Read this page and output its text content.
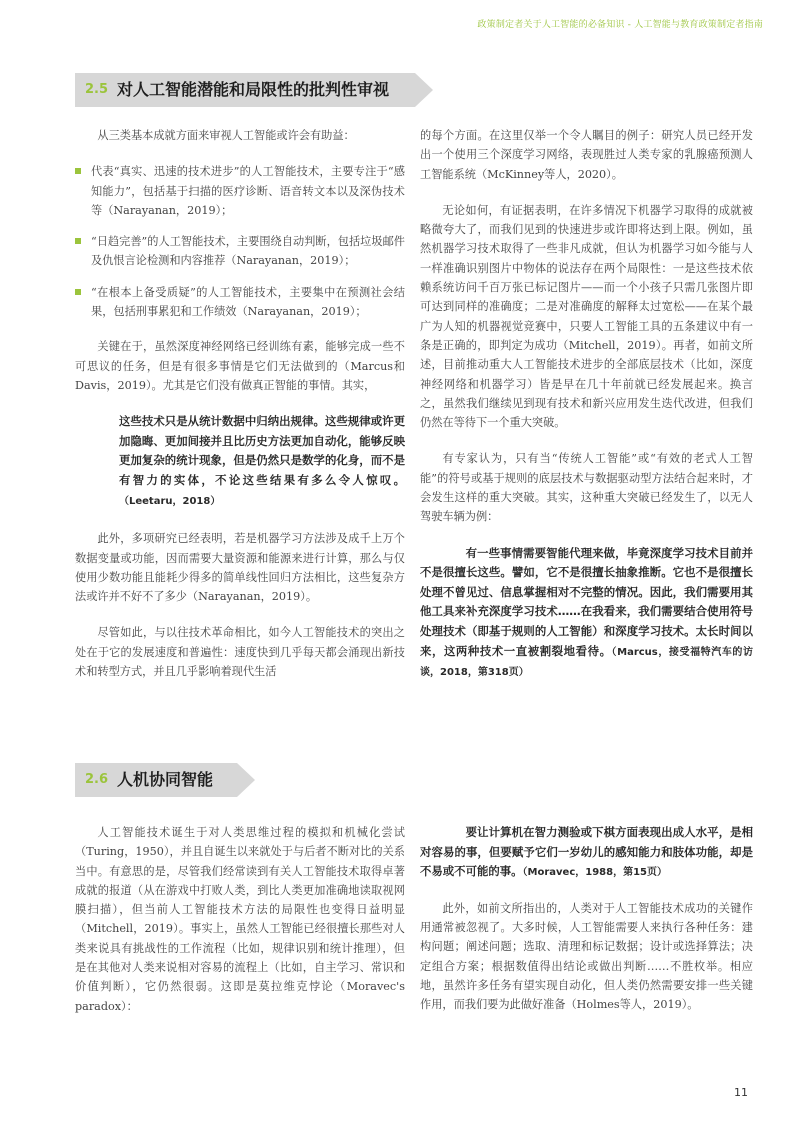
政策制定者关于人工智能的必备知识 - 人工智能与教育政策制定者指南
2.5 对人工智能潜能和局限性的批判性审视

从三类基本成就方面来审视人工智能或许会有助益：

代表“真实、迅速的技术进步”的人工智能技术，主要专注于“感知能力”，包括基于扫描的医疗诊断、语音转文本以及深伪技术等（Narayanan，2019）；

“日趋完善”的人工智能技术，主要围绕自动判断，包括垃圾邮件及仇恨言论检测和内容推荐（Narayanan，2019）；

“在根本上备受质疑”的人工智能技术，主要集中在预测社会结果，包括刑事累犯和工作绩效（Narayanan，2019）；

关键在于，虽然深度神经网络已经训练有素，能够完成一些不可思议的任务，但是有很多事情是它们无法做到的（Marcus和Davis，2019）。尤其是它们没有做真正智能的事情。其实，

这些技术只是从统计数据中归纳出规律。这些规律或许更加隐晦、更加间接并且比历史方法更加自动化，能够反映更加复杂的统计现象，但是仍然只是数学的化身，而不是有智力的实体，不论这些结果有多么令人惊叹。（Leetaru，2018）

此外，多项研究已经表明，若是机器学习方法涉及成千上万个数据变量或功能，因而需要大量资源和能源来进行计算，那么与仅使用少数功能且能耗少得多的简单线性回归方法相比，这些复杂方法或许并不好不了多少（Narayanan，2019）。

尽管如此，与以往技术革命相比，如今人工智能技术的突出之处在于它的发展速度和普遍性：速度快到几乎每天都会涌现出新技术和转型方式，并且几乎影响着现代生活

的每个方面。在这里仅举一个令人瞩目的例子：研究人员已经开发出一个使用三个深度学习网络，表现胜过人类专家的乳腺癌预测人工智能系统（McKinney等人，2020）。

无论如何，有证据表明，在许多情况下机器学习取得的成就被略微夸大了，而我们见到的快速进步或许即将达到上限。例如，虽然机器学习技术取得了一些非凡成就，但认为机器学习如今能与人一样准确识别图片中物体的说法存在两个局限性：一是这些技术依赖系统访问千百万张已标记图片——而一个小孩子只需几张图片即可达到同样的准确度；二是对准确度的解释太过宽松——在某个最广为人知的机器视觉竞赛中，只要人工智能工具的五条建议中有一条是正确的，即判定为成功（Mitchell，2019）。再者，如前文所述，目前推动重大人工智能技术进步的全部底层技术（比如，深度神经网络和机器学习）皆是早在几十年前就已经发展起来。换言之，虽然我们继续见到现有技术和新兴应用发生迭代改进，但我们仍然在等待下一个重大突破。

有专家认为，只有当“传统人工智能”或“有效的老式人工智能”的符号或基于规则的底层技术与数据驱动型方法结合起来时，才会发生这样的重大突破。其实，这种重大突破已经发生了，以无人驾驶车辆为例：

有一些事情需要智能代理来做，毕竟深度学习技术目前并不是很擅长这些。譬如，它不是很擅长抽象推断。它也不是很擅长处理不曾见过、信息掌握相对不完整的情况。因此，我们需要用其他工具来补充深度学习技术……在我看来，我们需要结合使用符号处理技术（即基于规则的人工智能）和深度学习技术。太长时间以来，这两种技术一直被割裂地看待。（Marcus，接受福特汽车的访谈，2018，第318页）
2.6 人机协同智能

人工智能技术诞生于对人类思维过程的模拟和机械化尝试（Turing，1950），并且自诞生以来就处于与后者不断对比的关系当中。有意思的是，尽管我们经常读到有关人工智能技术取得卓著成就的报道（从在游戏中打败人类，到比人类更加准确地读取视网膜扫描），但当前人工智能技术方法的局限性也变得日益明显（Mitchell，2019）。事实上，虽然人工智能已经很擅长那些对人类来说具有挑战性的工作流程（比如，规律识别和统计推理），但是在其他对人类来说相对容易的流程上（比如，自主学习、常识和价值判断），它仍然很弱。这即是莫拉维克悖论（Moravec's paradox）：

要让计算机在智力测验或下棋方面表现出成人水平，是相对容易的事，但要赋予它们一岁幼儿的感知能力和肢体功能，却是不易或不可能的事。（Moravec，1988，第15页）

此外，如前文所指出的，人类对于人工智能技术成功的关键作用通常被忽视了。大多时候，人工智能需要人来执行各种任务：建构问题；阐述问题；选取、清理和标记数据；设计或选择算法；决定组合方案；根据数值得出结论或做出判断……不胜枚举。相应地，虽然许多任务有望实现自动化，但人类仍然需要安排一些关键作用，而我们要为此做好准备（Holmes等人，2019）。

11
